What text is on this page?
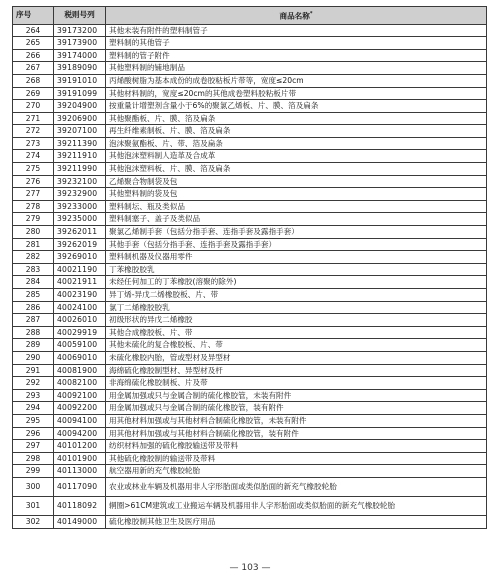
序号	税则号列	商品名称*
264	39173200	其他未装有附件的塑料制管子
265	39173900	塑料制的其他管子
266	39174000	塑料制的管子附件
267	39189090	其他塑料制的铺地制品
268	39191010	丙烯酸树脂为基本成份的成卷胶粘板片带等，宽度≤20cm
269	39191099	其他材料制的，宽度≤20cm的其他成卷塑料胶粘板片带
270	39204900	按重量计增塑剂含量小于6%的聚氯乙烯板、片、膜、箔及扁条
271	39206900	其他聚酯板、片、膜、箔及扁条
272	39207100	再生纤维素制板、片、膜、箔及扁条
273	39211390	泡沫聚氨酯板、片、带、箔及扁条
274	39211910	其他泡沫塑料制人造革及合成革
275	39211990	其他泡沫塑料板、片、膜、箔及扁条
276	39232100	乙烯聚合物制袋及包
277	39232900	其他塑料制的袋及包
278	39233000	塑料制坛、瓶及类似品
279	39235000	塑料制塞子、盖子及类似品
280	39262011	聚氯乙烯制手套（包括分指手套、连指手套及露指手套）
281	39262019	其他手套（包括分指手套、连指手套及露指手套）
282	39269010	塑料制机器及仪器用零件
283	40021190	丁苯橡胶胶乳
284	40021911	未经任何加工的丁苯橡胶(溶聚的除外)
285	40023190	异丁烯-异戊二烯橡胶板、片、带
286	40024100	氯丁二烯橡胶胶乳
287	40026010	初级形状的异戊二烯橡胶
288	40029919	其他合成橡胶板、片、带
289	40059100	其他未硫化的复合橡胶板、片、带
290	40069010	未硫化橡胶内胎，管或型材及异型材
291	40081900	海绵硫化橡胶制型材、异型材及杆
292	40082100	非海绵硫化橡胶制板、片及带
293	40092100	用金属加强或只与金属合制的硫化橡胶管，未装有附件
294	40092200	用金属加强或只与金属合制的硫化橡胶管，装有附件
295	40094100	用其他材料加强或与其他材料合制硫化橡胶管，未装有附件
296	40094200	用其他材料加强或与其他材料合制硫化橡胶管，装有附件
297	40101200	纺织材料加强的硫化橡胶输送带及带料
298	40101900	其他硫化橡胶制的输送带及带料
299	40113000	航空器用新的充气橡胶轮胎
300	40117090	农业或林业车辆及机器用非人字形胎面或类似胎面的新充气橡胶轮胎
301	40118092	辋圈>61CM建筑或工业搬运车辆及机器用非人字形胎面或类似胎面的新充气橡胶轮胎
302	40149000	硫化橡胶制其他卫生及医疗用品
— 103 —
